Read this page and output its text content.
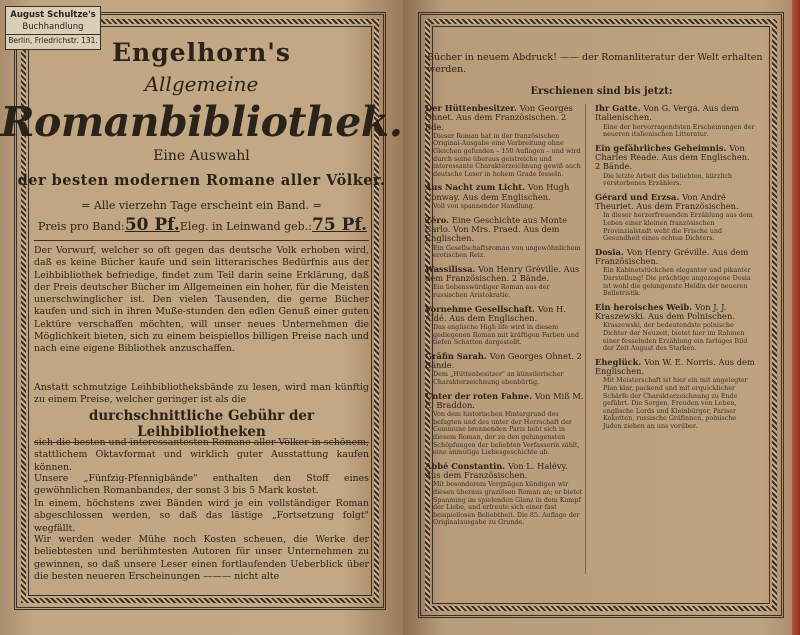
August Schultze's
Buchhandlung
Berlin, Friedrichstr. 131. Engelhorn's
Allgemeine
Romanbibliothek.
Eine Auswahl
der besten modernen Romane aller Völker.
= Alle vierzehn Tage erscheint ein Band. =
Preis pro Band: 50 Pf. Eleg. in Leinwand geb.: 75 Pf.
Der Vorwurf, welcher so oft gegen das deutsche Volk erhoben wird, daß es keine Bücher kaufe und sein litterarisches Bedürfnis aus der Leihbibliothek befriedige, findet zum Teil darin seine Erklärung, daß der Preis deutscher Bücher im Allgemeinen ein hoher, für die Meisten unerschwinglicher ist. Den vielen Tausenden, die gerne Bücher kaufen und sich in ihren Muße-stunden den edlen Genuß einer guten Lektüre verschaffen möchten, will unser neues Unternehmen die Möglichkeit bieten, sich zu einem beispiellos billigen Preise nach und nach eine eigene Bibliothek anzuschaffen.
Anstatt schmutzige Leihbibliotheksbände zu lesen, wird man künftig zu einem Preise, welcher geringer ist als die
durchschnittliche Gebühr der Leihbibliotheken
sich die besten und interessantesten Romane aller Völker in schönem, stattlichem Oktavformat und wirklich guter Ausstattung kaufen können.
Unsere „Fünfzig-Pfennigbände" enthalten den Stoff eines gewöhnlichen Romanbandes, der sonst 3 bis 5 Mark kostet.
In einem, höchstens zwei Bänden wird je ein vollständiger Roman abgeschlossen werden, so daß das lästige „Fortsetzung folgt" wegfällt.
Wir werden weder Mühe noch Kosten scheuen, die Werke der beliebtesten und berühmtesten Autoren für unser Unternehmen zu gewinnen, so daß unsere Leser einen fortlaufenden Ueberblick über die besten neueren Erscheinungen ——— nicht alte
Bücher in neuem Abdruck! —— der Romanliteratur der Welt erhalten werden.
Erschienen sind bis jetzt:
Der Hüttenbesitzer. Von Georges Ohnet. Aus dem Französischen. 2 Bde.
Dieser Roman hat in der französischen Original-Ausgabe eine Verbreitung ohne Gleichen gefunden – 150 Auflagen – und wird durch seine überaus geistreiche und interessante Charakterzeichnung gewiß auch deutsche Leser in hohem Grade fesseln.
Aus Nacht zum Licht. Von Hugh Conway. Aus dem Englischen.
Voll von spannender Handlung.
Zéro. Eine Geschichte aus Monte Carlo. Von Mrs. Praed. Aus dem Englischen.
Ein Gesellschaftsroman von ungewöhnlichem erotischen Reiz.
Wassilissa. Von Henry Gréville. Aus dem Französischen. 2 Bände.
Ein liebenswürdiger Roman aus der russischen Aristokratie.
Vornehme Gesellschaft. Von H. Aïdé. Aus dem Englischen.
Das englische High life wird in diesem gediegenen Roman mit kräftigen Farben und tiefen Schatten dargestellt.
Gräfin Sarah. Von Georges Ohnet. 2 Bände.
Dem „Hüttenbesitzer" an künstlerischer Charakterzeichnung ebenbürtig.
Unter der roten Fahne. Von Miß M. E. Braddon.
Von dem historischen Hintergrund des befagten und des unter der Herrschaft der Commune brennenden Paris hebt sich in diesem Roman, der zu den gelungensten Schöpfungen der beliebten Verfasserin zählt, eine anmutige Liebesgeschichte ab.
Abbé Constantin. Von L. Halévy. Aus dem Französischen.
Mit besonderem Vergnügen kündigen wir diesen überaus graziösen Roman an; er bietet Spannung im spielenden Glanz in dem Kampf der Liebe, und erfreute sich einer fast beispiellosen Beliebtheit. Die 85. Auflage der Originalausgabe zu Grunde.
Ihr Gatte. Von G. Verga. Aus dem Italienischen.
Eine der hervorragendsten Erscheinungen der neueren italienischen Litteratur.
Ein gefährliches Geheimnis. Von Charles Reade. Aus dem Englischen. 2 Bände.
Die letzte Arbeit des beliebten, kürzlich verstorbenen Erzählers.
Gérard und Erzsa. Von André Theuriet. Aus dem Französischen.
In dieser herzerfreuenden Erzählung aus dem Leben einer kleinen französischen Provinzialstadt weht die Frische und Gesundheit eines echten Dichters.
Dosia. Von Henry Gréville. Aus dem Französischen.
Ein Kabinetstückchen eleganter und pikanter Darstellung! Die prächtige angezogene Dosia ist wohl die gelungenste Heldin der neueren Belletristik.
Ein heroisches Weib. Von J. J. Kraszewski. Aus dem Polnischen.
Kraszewski, der bedeutendste polnische Dichter der Neuzeit, bietet hier im Rahmen einer fesselnden Erzählung ein farbiges Bild der Zeit August des Starken.
Eheglück. Von W. E. Norris. Aus dem Englischen.
Mit Meisterschaft ist hier ein mit angelegter Plan klar, packend und mit erquicklicher Schärfe der Charakterzeichnung zu Ende geführt. Die Sorgen, Freuden von Leben, englische Lords und Kleinbürger, Pariser Kokotten, russische Gräfinnen, polnische Juden ziehen an uns vorüber.
